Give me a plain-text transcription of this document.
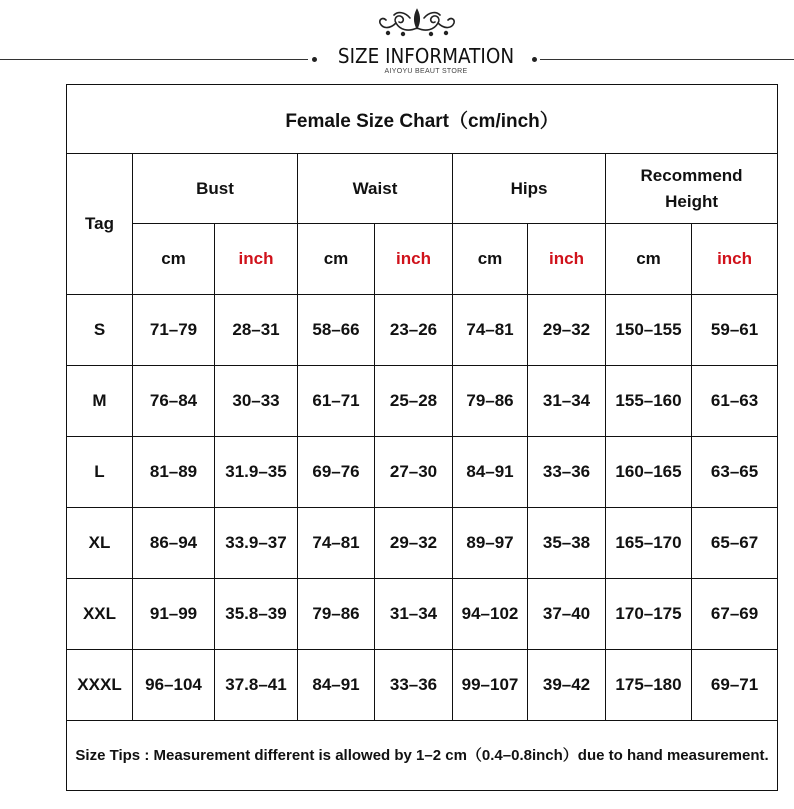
SIZE INFORMATION
AIYOYU BEAUT STORE
Female Size Chart（cm/inch）								
Tag	Bust		Waist		Hips		Recommend
Height	
	cm	inch	cm	inch	cm	inch	cm	inch
S	71–79	28–31	58–66	23–26	74–81	29–32	150–155	59–61
M	76–84	30–33	61–71	25–28	79–86	31–34	155–160	61–63
L	81–89	31.9–35	69–76	27–30	84–91	33–36	160–165	63–65
XL	86–94	33.9–37	74–81	29–32	89–97	35–38	165–170	65–67
XXL	91–99	35.8–39	79–86	31–34	94–102	37–40	170–175	67–69
XXXL	96–104	37.8–41	84–91	33–36	99–107	39–42	175–180	69–71
Size Tips : Measurement different is allowed by 1–2 cm（0.4–0.8inch）due to hand measurement.								
